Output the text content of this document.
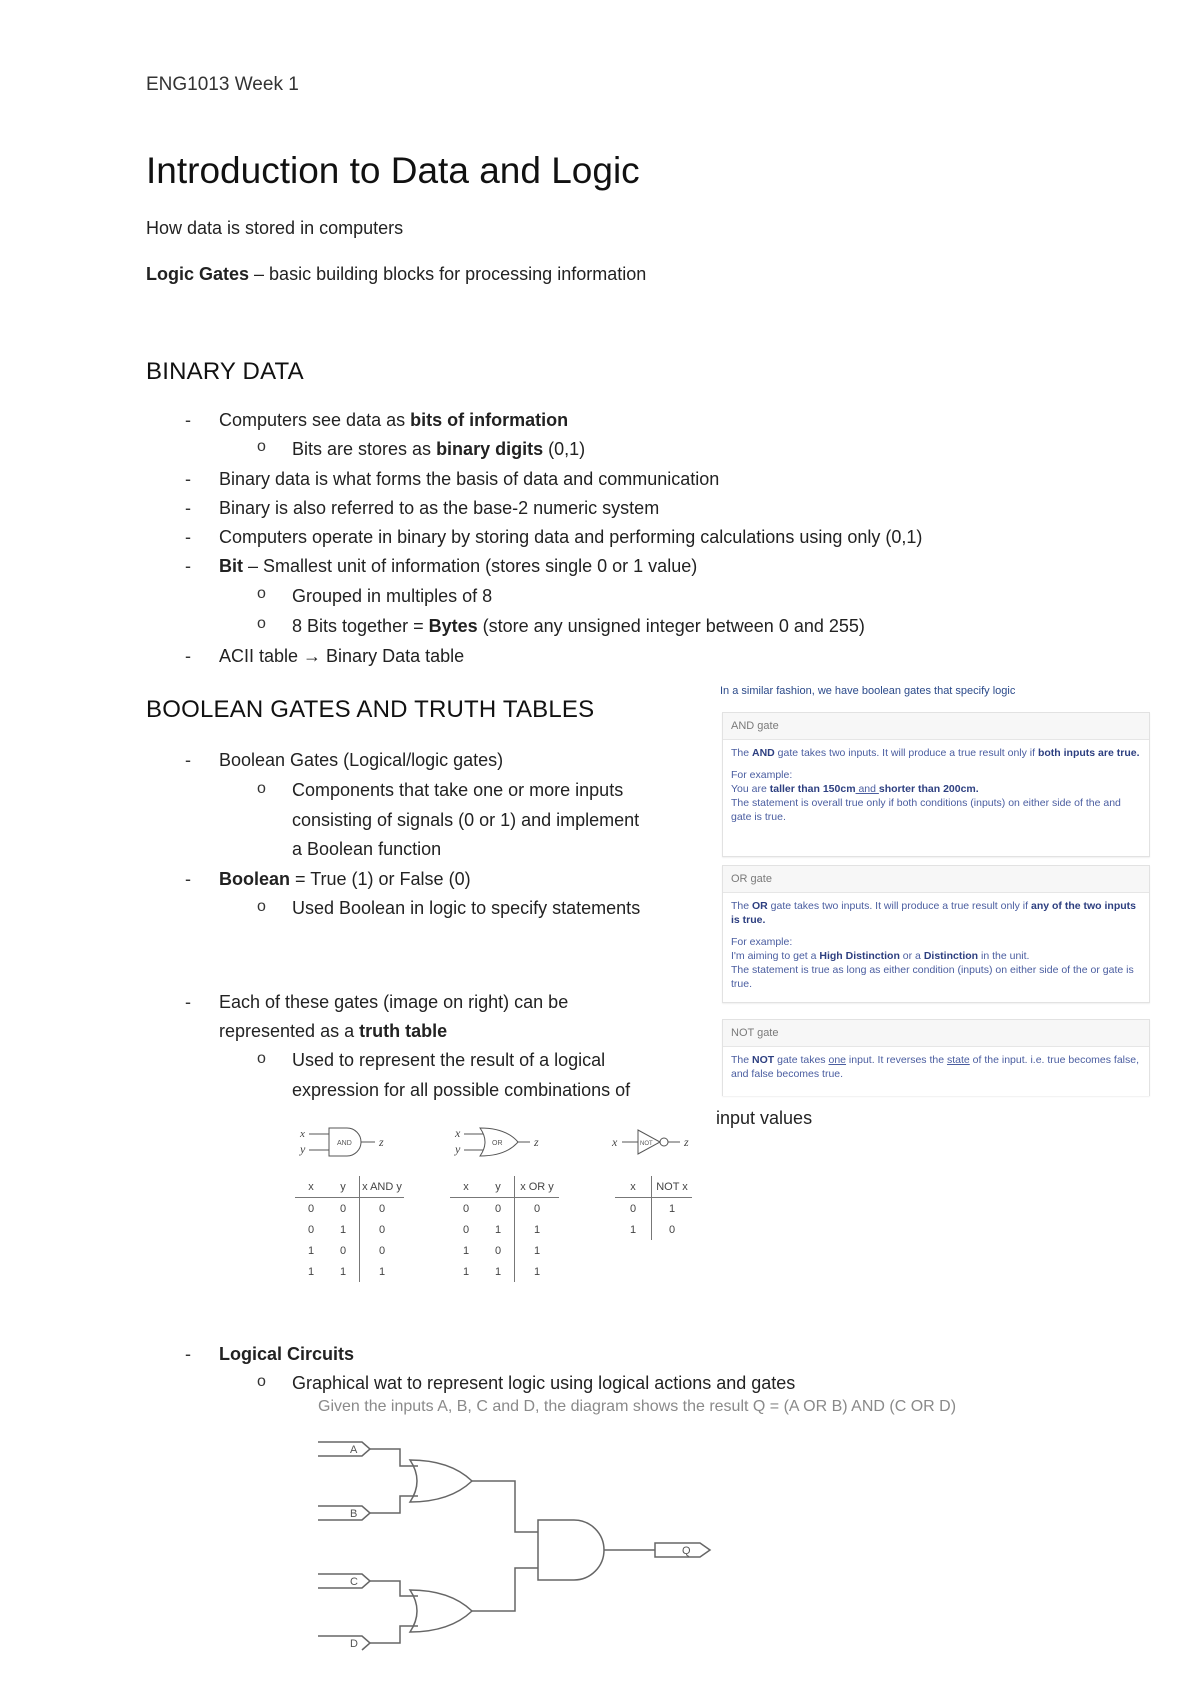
ENG1013 Week 1
Introduction to Data and Logic
How data is stored in computers
Logic Gates – basic building blocks for processing information
BINARY DATA
- Computers see data as bits of information
o Bits are stores as binary digits (0,1)
- Binary data is what forms the basis of data and communication
- Binary is also referred to as the base-2 numeric system
- Computers operate in binary by storing data and performing calculations using only (0,1)
- Bit – Smallest unit of information (stores single 0 or 1 value)
o Grouped in multiples of 8
o 8 Bits together = Bytes (store any unsigned integer between 0 and 255)
- ACII table → Binary Data table
BOOLEAN GATES AND TRUTH TABLES
- Boolean Gates (Logical/logic gates)
o Components that take one or more inputs
consisting of signals (0 or 1) and implement
a Boolean function
- Boolean = True (1) or False (0)
o Used Boolean in logic to specify statements
- Each of these gates (image on right) can be
represented as a truth table
o Used to represent the result of a logical
expression for all possible combinations of
input values
In a similar fashion, we have boolean gates that specify logic
AND gate
The AND gate takes two inputs. It will produce a true result only if both inputs are true.
For example:
You are taller than 150cm and shorter than 200cm.
The statement is overall true only if both conditions (inputs) on either side of the and gate is true.
OR gate
The OR gate takes two inputs. It will produce a true result only if any of the two inputs is true.
For example:
I'm aiming to get a High Distinction or a Distinction in the unit.
The statement is true as long as either condition (inputs) on either side of the or gate is true.
NOT gate
The NOT gate takes one input. It reverses the state of the input. i.e. true becomes false, and false becomes true.
x
y	AND z
x
y	OR	z	x	NOT	z
x	y	x AND y
0	0	0
0	1	0
1	0	0
1	1	1
x	y	x OR y
0	0	0
0	1	1
1	0	1
1	1	1
x	NOT x
0	1
1	0
- Logical Circuits
o Graphical wat to represent logic using logical actions and gates
Given the inputs A, B, C and D, the diagram shows the result Q = (A OR B) AND (C OR D)
A
B
C
D
Q
